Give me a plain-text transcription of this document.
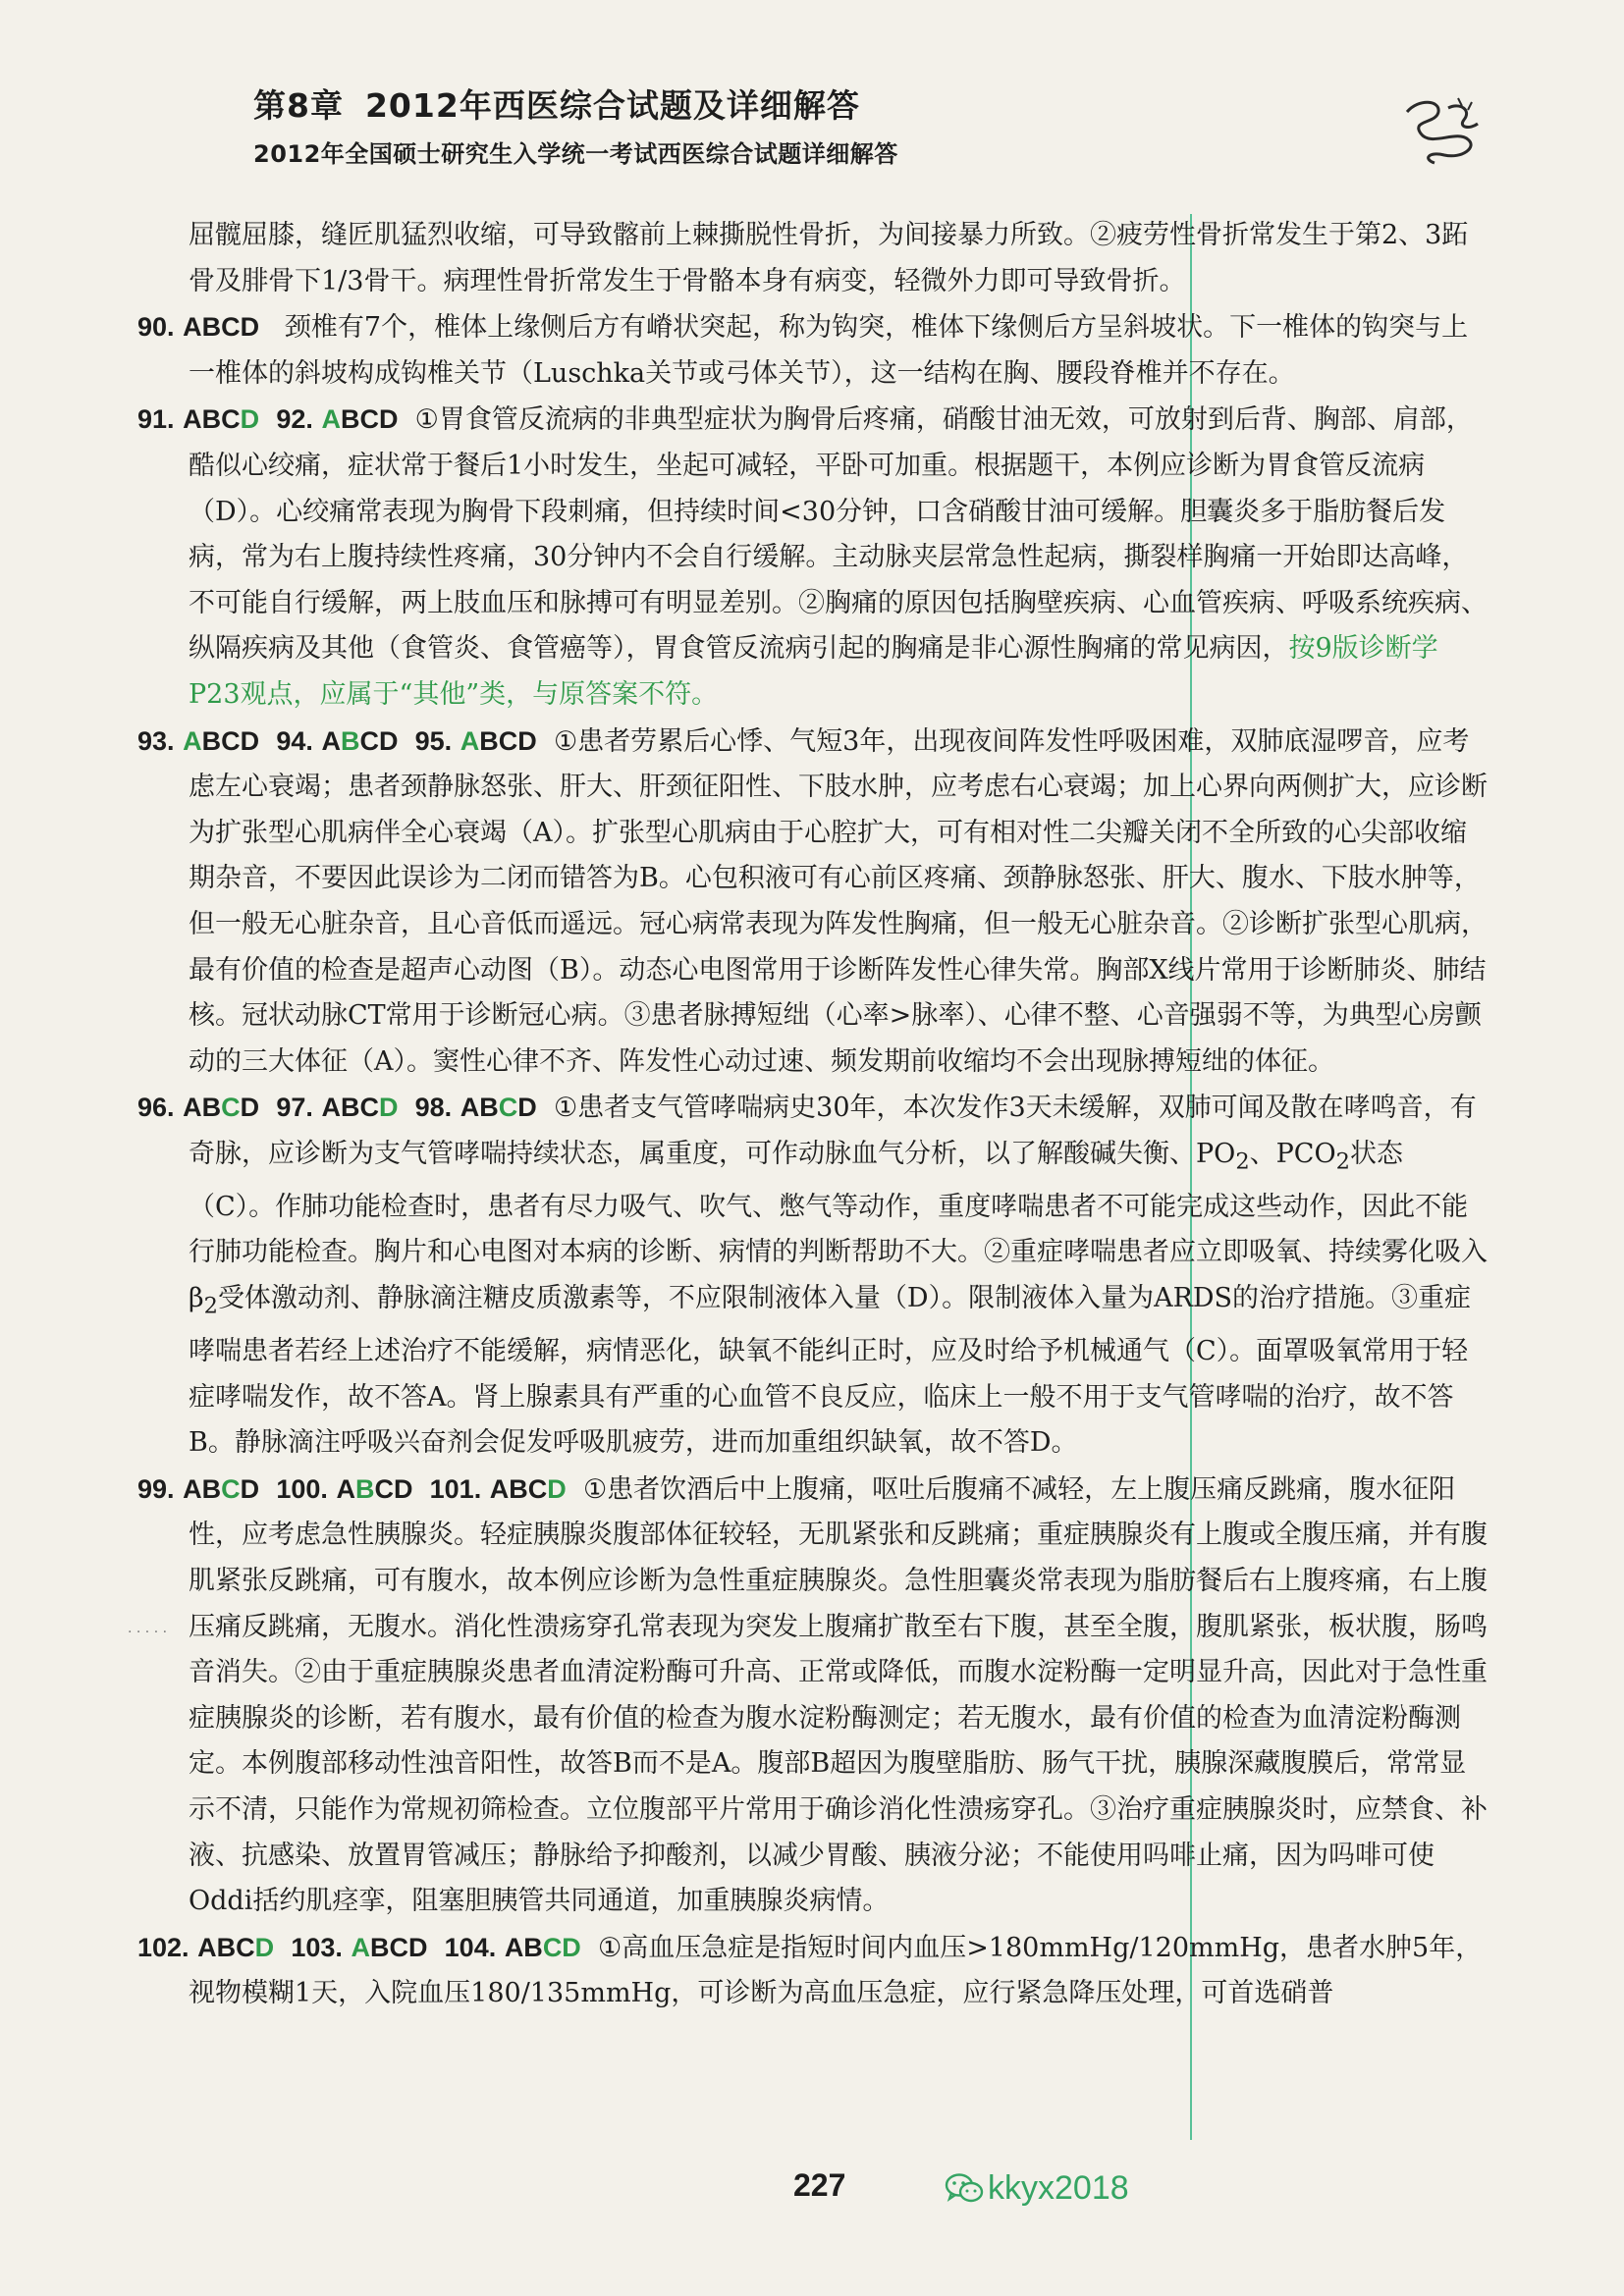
第8章 2012年西医综合试题及详细解答
2012年全国硕士研究生入学统一考试西医综合试题详细解答
· · · · ·

屈髋屈膝，缝匠肌猛烈收缩，可导致髂前上棘撕脱性骨折，为间接暴力所致。②疲劳性骨折常发生于第2、3跖骨及腓骨下1/3骨干。病理性骨折常发生于骨骼本身有病变，轻微外力即可导致骨折。

90. ABCD 颈椎有7个，椎体上缘侧后方有嵴状突起，称为钩突，椎体下缘侧后方呈斜坡状。下一椎体的钩突与上一椎体的斜坡构成钩椎关节（Luschka关节或弓体关节），这一结构在胸、腰段脊椎并不存在。

91. ABCD 92. ABCD ①胃食管反流病的非典型症状为胸骨后疼痛，硝酸甘油无效，可放射到后背、胸部、肩部，酷似心绞痛，症状常于餐后1小时发生，坐起可减轻，平卧可加重。根据题干，本例应诊断为胃食管反流病（D）。心绞痛常表现为胸骨下段刺痛，但持续时间<30分钟，口含硝酸甘油可缓解。胆囊炎多于脂肪餐后发病，常为右上腹持续性疼痛，30分钟内不会自行缓解。主动脉夹层常急性起病，撕裂样胸痛一开始即达高峰，不可能自行缓解，两上肢血压和脉搏可有明显差别。②胸痛的原因包括胸壁疾病、心血管疾病、呼吸系统疾病、纵隔疾病及其他（食管炎、食管癌等），胃食管反流病引起的胸痛是非心源性胸痛的常见病因，按9版诊断学P23观点，应属于“其他”类，与原答案不符。

93. ABCD 94. ABCD 95. ABCD ①患者劳累后心悸、气短3年，出现夜间阵发性呼吸困难，双肺底湿啰音，应考虑左心衰竭；患者颈静脉怒张、肝大、肝颈征阳性、下肢水肿，应考虑右心衰竭；加上心界向两侧扩大，应诊断为扩张型心肌病伴全心衰竭（A）。扩张型心肌病由于心腔扩大，可有相对性二尖瓣关闭不全所致的心尖部收缩期杂音，不要因此误诊为二闭而错答为B。心包积液可有心前区疼痛、颈静脉怒张、肝大、腹水、下肢水肿等，但一般无心脏杂音，且心音低而遥远。冠心病常表现为阵发性胸痛，但一般无心脏杂音。②诊断扩张型心肌病，最有价值的检查是超声心动图（B）。动态心电图常用于诊断阵发性心律失常。胸部X线片常用于诊断肺炎、肺结核。冠状动脉CT常用于诊断冠心病。③患者脉搏短绌（心率>脉率）、心律不整、心音强弱不等，为典型心房颤动的三大体征（A）。窦性心律不齐、阵发性心动过速、频发期前收缩均不会出现脉搏短绌的体征。

96. ABCD 97. ABCD 98. ABCD ①患者支气管哮喘病史30年，本次发作3天未缓解，双肺可闻及散在哮鸣音，有奇脉，应诊断为支气管哮喘持续状态，属重度，可作动脉血气分析，以了解酸碱失衡、$PO_2$、$PCO_2$状态（C）。作肺功能检查时，患者有尽力吸气、吹气、憋气等动作，重度哮喘患者不可能完成这些动作，因此不能行肺功能检查。胸片和心电图对本病的诊断、病情的判断帮助不大。②重症哮喘患者应立即吸氧、持续雾化吸入$\beta_2$受体激动剂、静脉滴注糖皮质激素等，不应限制液体入量（D）。限制液体入量为ARDS的治疗措施。③重症哮喘患者若经上述治疗不能缓解，病情恶化，缺氧不能纠正时，应及时给予机械通气（C）。面罩吸氧常用于轻症哮喘发作，故不答A。肾上腺素具有严重的心血管不良反应，临床上一般不用于支气管哮喘的治疗，故不答B。静脉滴注呼吸兴奋剂会促发呼吸肌疲劳，进而加重组织缺氧，故不答D。

99. ABCD 100. ABCD 101. ABCD ①患者饮酒后中上腹痛，呕吐后腹痛不减轻，左上腹压痛反跳痛，腹水征阳性，应考虑急性胰腺炎。轻症胰腺炎腹部体征较轻，无肌紧张和反跳痛；重症胰腺炎有上腹或全腹压痛，并有腹肌紧张反跳痛，可有腹水，故本例应诊断为急性重症胰腺炎。急性胆囊炎常表现为脂肪餐后右上腹疼痛，右上腹压痛反跳痛，无腹水。消化性溃疡穿孔常表现为突发上腹痛扩散至右下腹，甚至全腹，腹肌紧张，板状腹，肠鸣音消失。②由于重症胰腺炎患者血清淀粉酶可升高、正常或降低，而腹水淀粉酶一定明显升高，因此对于急性重症胰腺炎的诊断，若有腹水，最有价值的检查为腹水淀粉酶测定；若无腹水，最有价值的检查为血清淀粉酶测定。本例腹部移动性浊音阳性，故答B而不是A。腹部B超因为腹壁脂肪、肠气干扰，胰腺深藏腹膜后，常常显示不清，只能作为常规初筛检查。立位腹部平片常用于确诊消化性溃疡穿孔。③治疗重症胰腺炎时，应禁食、补液、抗感染、放置胃管减压；静脉给予抑酸剂，以减少胃酸、胰液分泌；不能使用吗啡止痛，因为吗啡可使Oddi括约肌痉挛，阻塞胆胰管共同通道，加重胰腺炎病情。

102. ABCD 103. ABCD 104. ABCD ①高血压急症是指短时间内血压>180mmHg/120mmHg，患者水肿5年，视物模糊1天，入院血压180/135mmHg，可诊断为高血压急症，应行紧急降压处理，可首选硝普

227	kkyx2018
